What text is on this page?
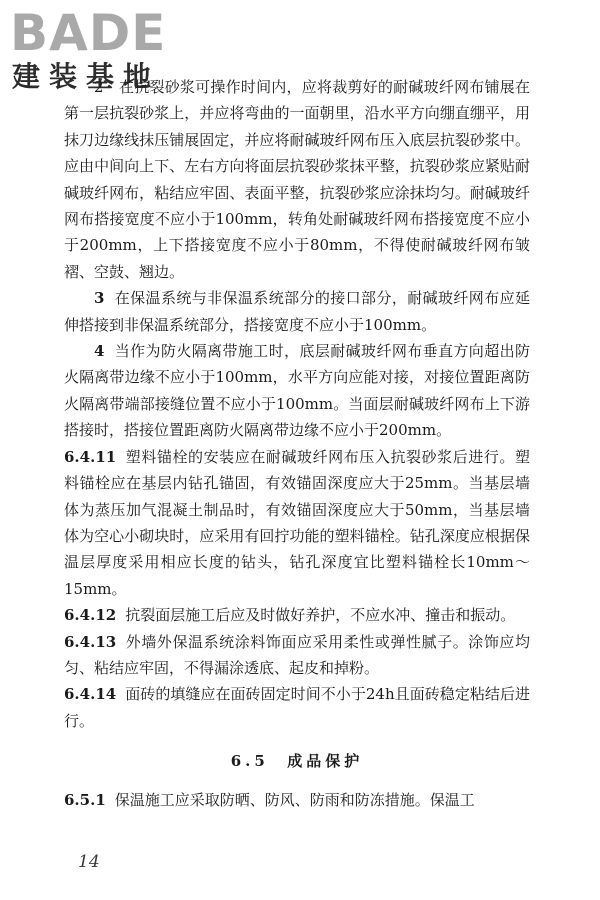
BADE
建装基地

2　在抗裂砂浆可操作时间内，应将裁剪好的耐碱玻纤网布铺展在第一层抗裂砂浆上，并应将弯曲的一面朝里，沿水平方向绷直绷平，用抹刀边缘线抹压铺展固定，并应将耐碱玻纤网布压入底层抗裂砂浆中。应由中间向上下、左右方向将面层抗裂砂浆抹平整，抗裂砂浆应紧贴耐碱玻纤网布，粘结应牢固、表面平整，抗裂砂浆应涂抹均匀。耐碱玻纤网布搭接宽度不应小于100mm，转角处耐碱玻纤网布搭接宽度不应小于200mm，上下搭接宽度不应小于80mm，不得使耐碱玻纤网布皱褶、空鼓、翘边。

3 在保温系统与非保温系统部分的接口部分，耐碱玻纤网布应延伸搭接到非保温系统部分，搭接宽度不应小于100mm。

4 当作为防火隔离带施工时，底层耐碱玻纤网布垂直方向超出防火隔离带边缘不应小于100mm，水平方向应能对接，对接位置距离防火隔离带端部接缝位置不应小于100mm。当面层耐碱玻纤网布上下游搭接时，搭接位置距离防火隔离带边缘不应小于200mm。

6.4.11 塑料锚栓的安装应在耐碱玻纤网布压入抗裂砂浆后进行。塑料锚栓应在基层内钻孔锚固，有效锚固深度应大于25mm。当基层墙体为蒸压加气混凝土制品时，有效锚固深度应大于50mm，当基层墙体为空心小砌块时，应采用有回拧功能的塑料锚栓。钻孔深度应根据保温层厚度采用相应长度的钻头，钻孔深度宜比塑料锚栓长10mm～15mm。

6.4.12 抗裂面层施工后应及时做好养护，不应水冲、撞击和振动。

6.4.13 外墙外保温系统涂料饰面应采用柔性或弹性腻子。涂饰应均匀、粘结应牢固，不得漏涂透底、起皮和掉粉。

6.4.14 面砖的填缝应在面砖固定时间不小于24h且面砖稳定粘结后进行。

6.5 成品保护

6.5.1 保温施工应采取防晒、防风、防雨和防冻措施。保温工

14
